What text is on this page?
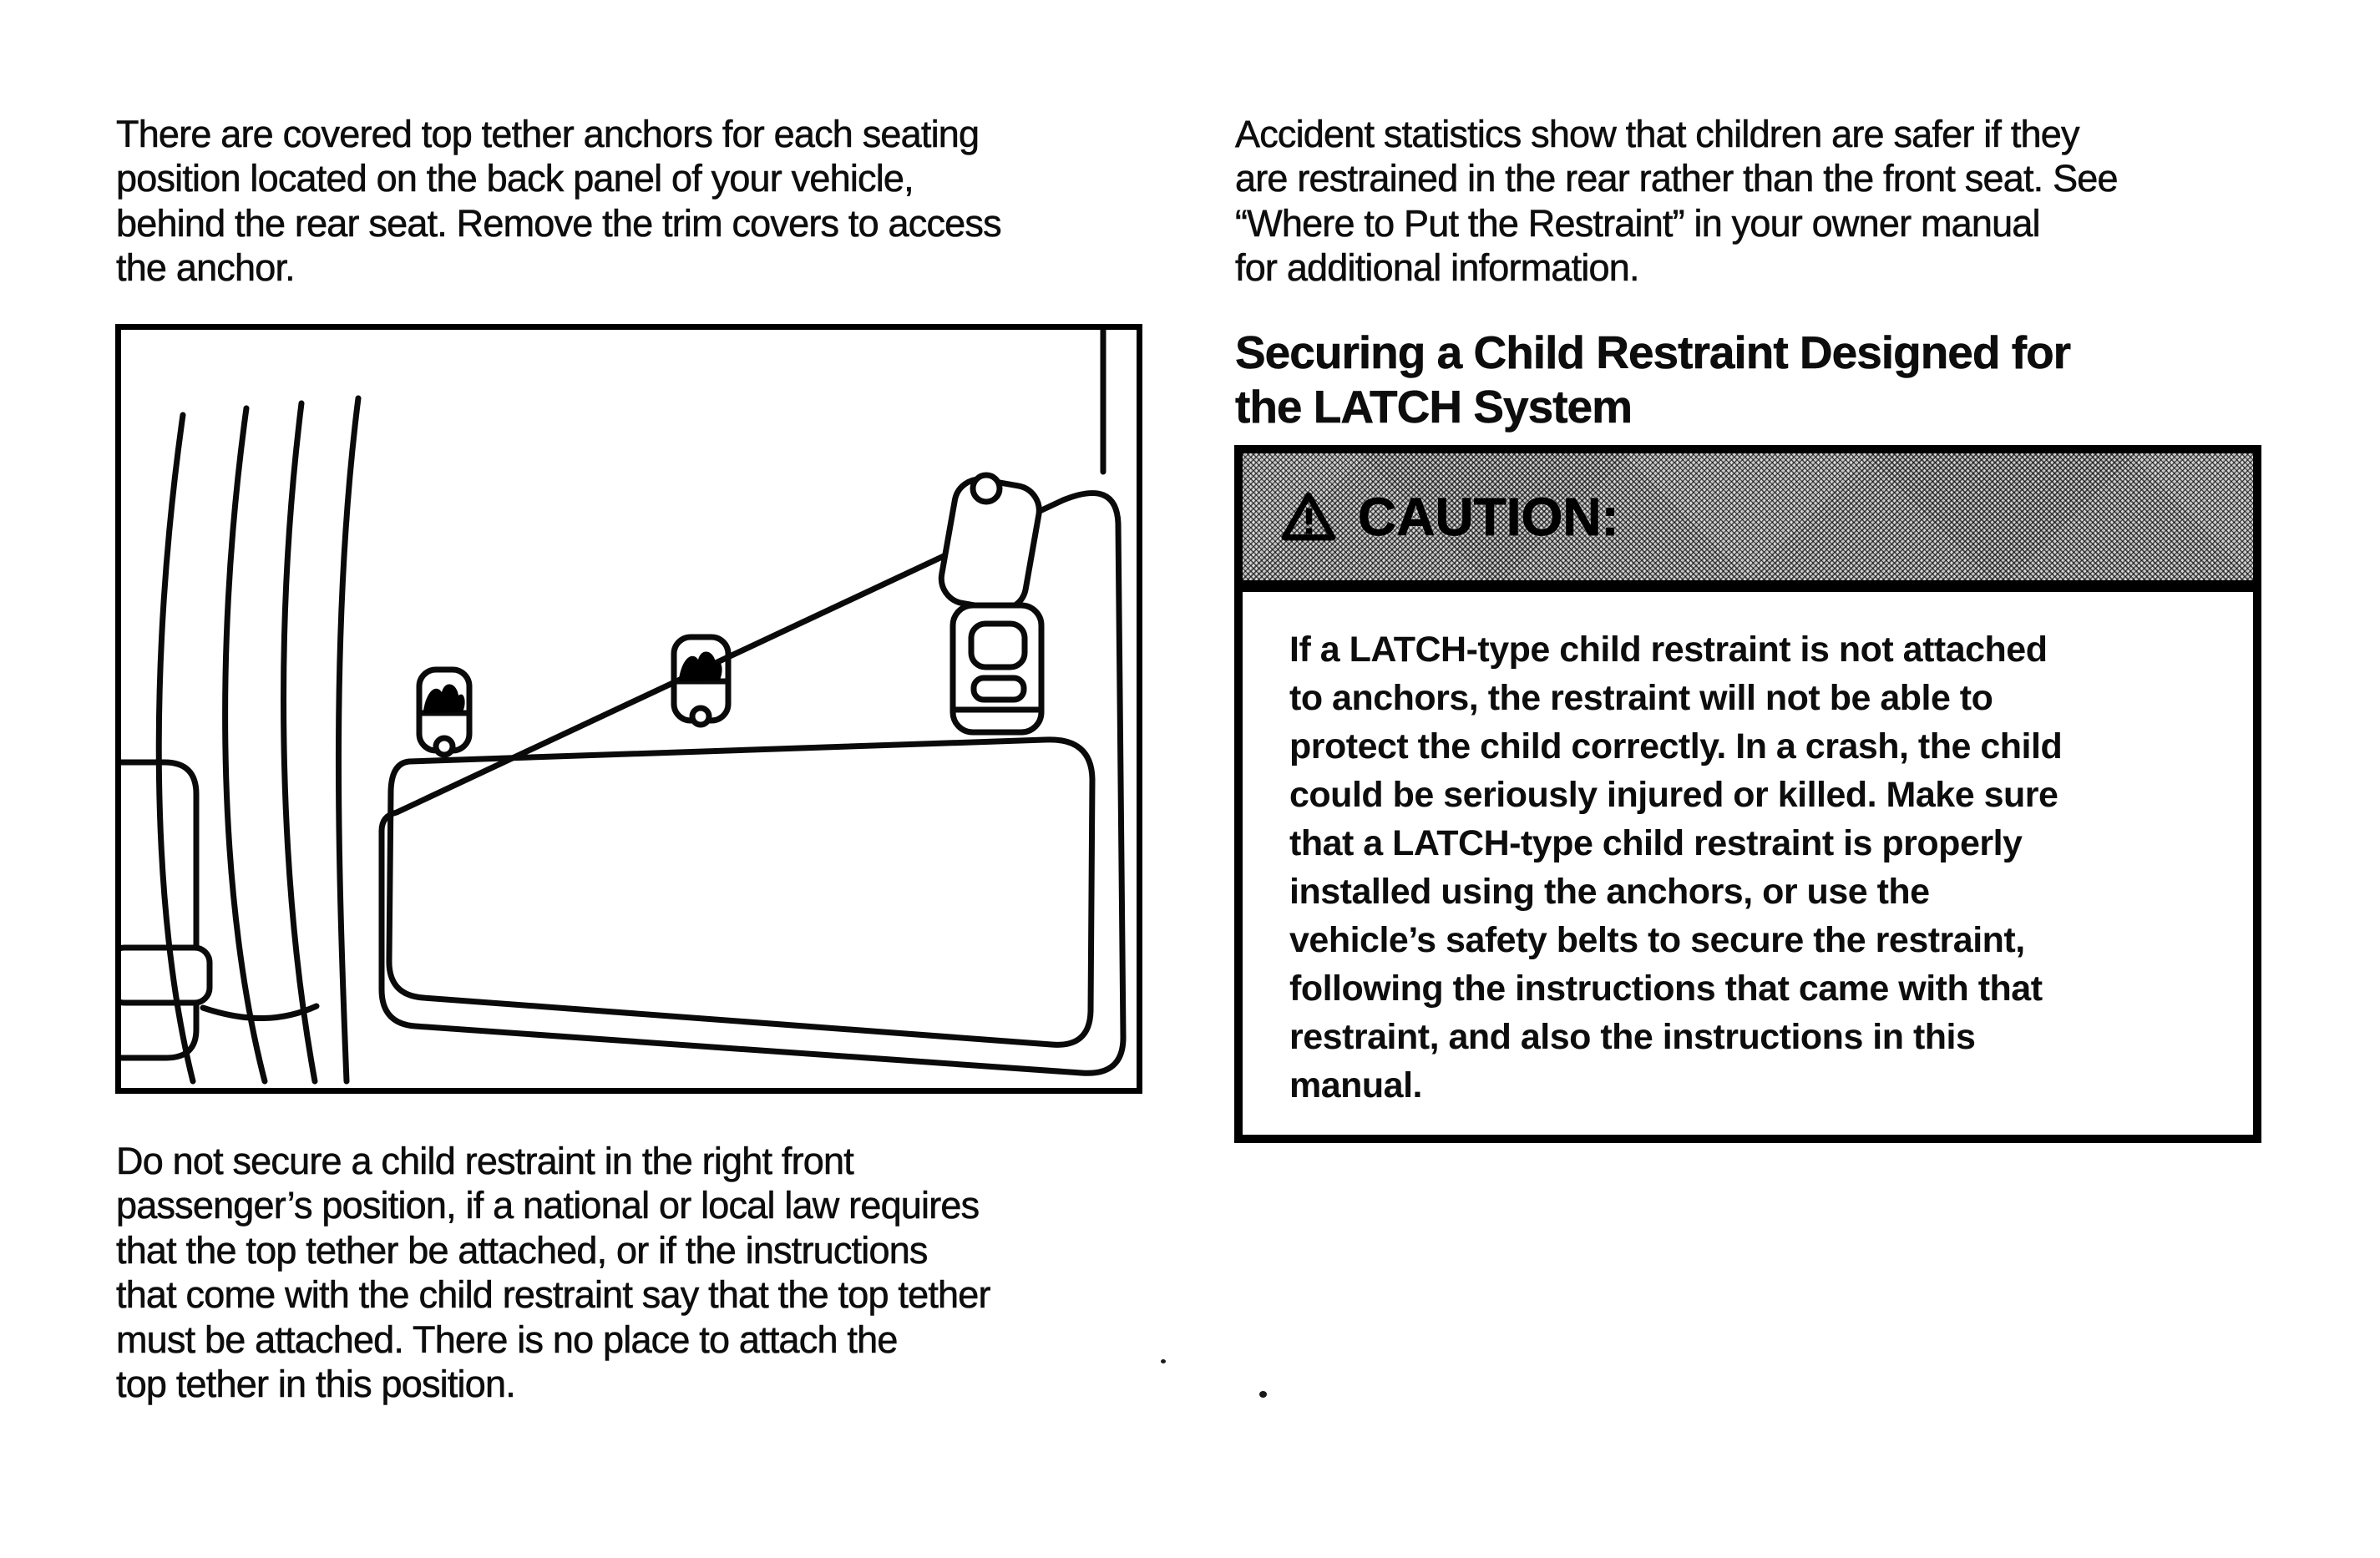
There are covered top tether anchors for each seating
position located on the back panel of your vehicle,
behind the rear seat. Remove the trim covers to access
the anchor.
Do not secure a child restraint in the right front
passenger’s position, if a national or local law requires
that the top tether be attached, or if the instructions
that come with the child restraint say that the top tether
must be attached. There is no place to attach the
top tether in this position.
Accident statistics show that children are safer if they
are restrained in the rear rather than the front seat. See
“Where to Put the Restraint” in your owner manual
for additional information.
Securing a Child Restraint Designed for
the LATCH System
CAUTION:
If a LATCH-type child restraint is not attached
to anchors, the restraint will not be able to
protect the child correctly. In a crash, the child
could be seriously injured or killed. Make sure
that a LATCH-type child restraint is properly
installed using the anchors, or use the
vehicle’s safety belts to secure the restraint,
following the instructions that came with that
restraint, and also the instructions in this
manual.
